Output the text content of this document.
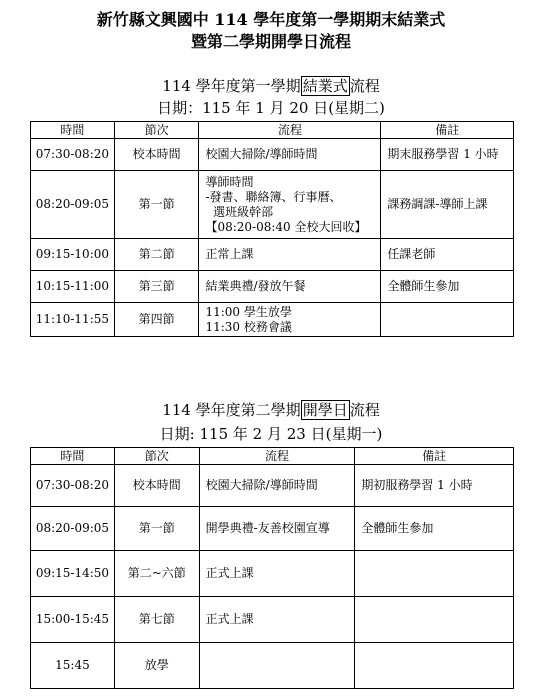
新竹縣文興國中 114 學年度第一學期期末結業式
暨第二學期開學日流程
114 學年度第一學期 結業式 流程
日期：115 年 1 月 20 日(星期二)
時間	節次	流程	備註
07:30-08:20	校本時間	校園大掃除/導師時間	期末服務學習 1 小時
08:20-09:05	第一節	導師時間
-發書、聯絡簿、行事曆、
選班級幹部
【08:20-08:40 全校大回收】	課務調課-導師上課
09:15-10:00	第二節	正常上課	任課老師
10:15-11:00	第三節	結業典禮/發放午餐	全體師生參加
11:10-11:55	第四節	11:00 學生放學
11:30 校務會議	

114 學年度第二學期 開學日 流程
日期: 115 年 2 月 23 日(星期一)
時間	節次	流程	備註
07:30-08:20	校本時間	校園大掃除/導師時間	期初服務學習 1 小時
08:20-09:05	第一節	開學典禮-友善校園宣導	全體師生參加
09:15-14:50	第二~六節	正式上課	

15:00-15:45	第七節	正式上課	

15:45	放學		
